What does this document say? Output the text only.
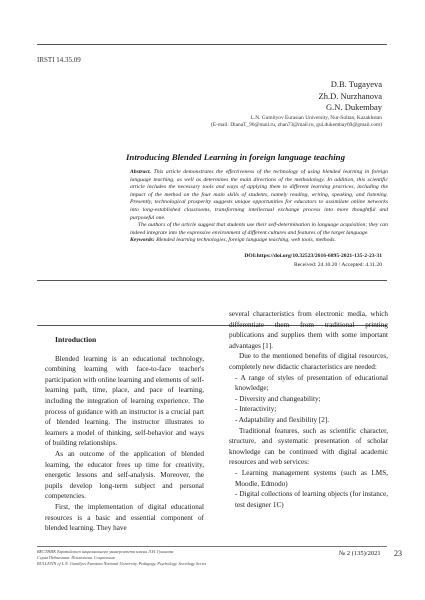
IRSTI 14.35.09
D.B. Tugayeva
Zh.D. Nurzhanova
G.N. Dukembay
L.N. Gumilyov Eurasian University, Nur-Sultan, Kazakhstan
(E-mail: DianaT_96@mail.ru, zhan73@mail.ru, gul.dukembay69@gmail.com)
Introducing Blended Learning in foreign language teaching

Abstract. This article demonstrates the effectiveness of the technology of using blended learning in foreign language teaching, as well as determines the main directions of the methodology. In addition, this scientific article includes the necessary tools and ways of applying them to different learning practices, including the impact of the method on the four main skills of students, namely reading, writing, speaking, and listening. Presently, technological prosperity suggests unique opportunities for educators to assimilate online networks into long-established classrooms, transforming intellectual exchange process into more thoughtful and purposeful one.

The authors of the article suggest that students use their self-determination in language acquisition; they can indeed integrate into the expressive environment of different cultures and features of the target language.

Keywords: Blended learning technologies, foreign language teaching, web tools, methods.

DOI:https://doi.org/10.32523/2616-6895-2021-135-2-23-31
Received: 24.10.20 / Accepted: 4.11.20
Introduction

Blended learning is an educational technology, combining learning with face-to-face teacher's participation with online learning and elements of self-learning path, time, place, and pace of learning, including the integration of learning experience. The process of guidance with an instructor is a crucial part of blended learning. The instructor illustrates to learners a model of thinking, self-behavior and ways of building relationships.

As an outcome of the application of blended learning, the educator frees up time for creativity, energetic lessons and self-analysis. Moreover, the pupils develop long-term subject and personal competencies.

First, the implementation of digital educational resources is a basic and essential component of blended learning. They have

several characteristics from electronic media, which differentiate them from traditional printing publications and supplies them with some important advantages [1].

Due to the mentioned benefits of digital resources, completely new didactic characteristics are needed:

- A range of styles of presentation of educational knowledge;

- Diversity and changeability;

- Interactivity;

- Adaptability and flexibility [2].

Traditional features, such as scientific character, structure, and systematic presentation of scholar knowledge can be continued with digital academic resources and web services:

- Learning management systems (such as LMS, Moodle, Edmodo)

- Digital collections of learning objects (for instance, test designer 1C)

ВЕСТНИК Евразийского национального университета имени Л.Н. Гумилева
Серия Педагогика. Психология. Социология
BULLETIN of L.N. Gumilyov Eurasian National University. Pedagogy. Psychology. Sociology Series
№ 2 (135)/2021 23
